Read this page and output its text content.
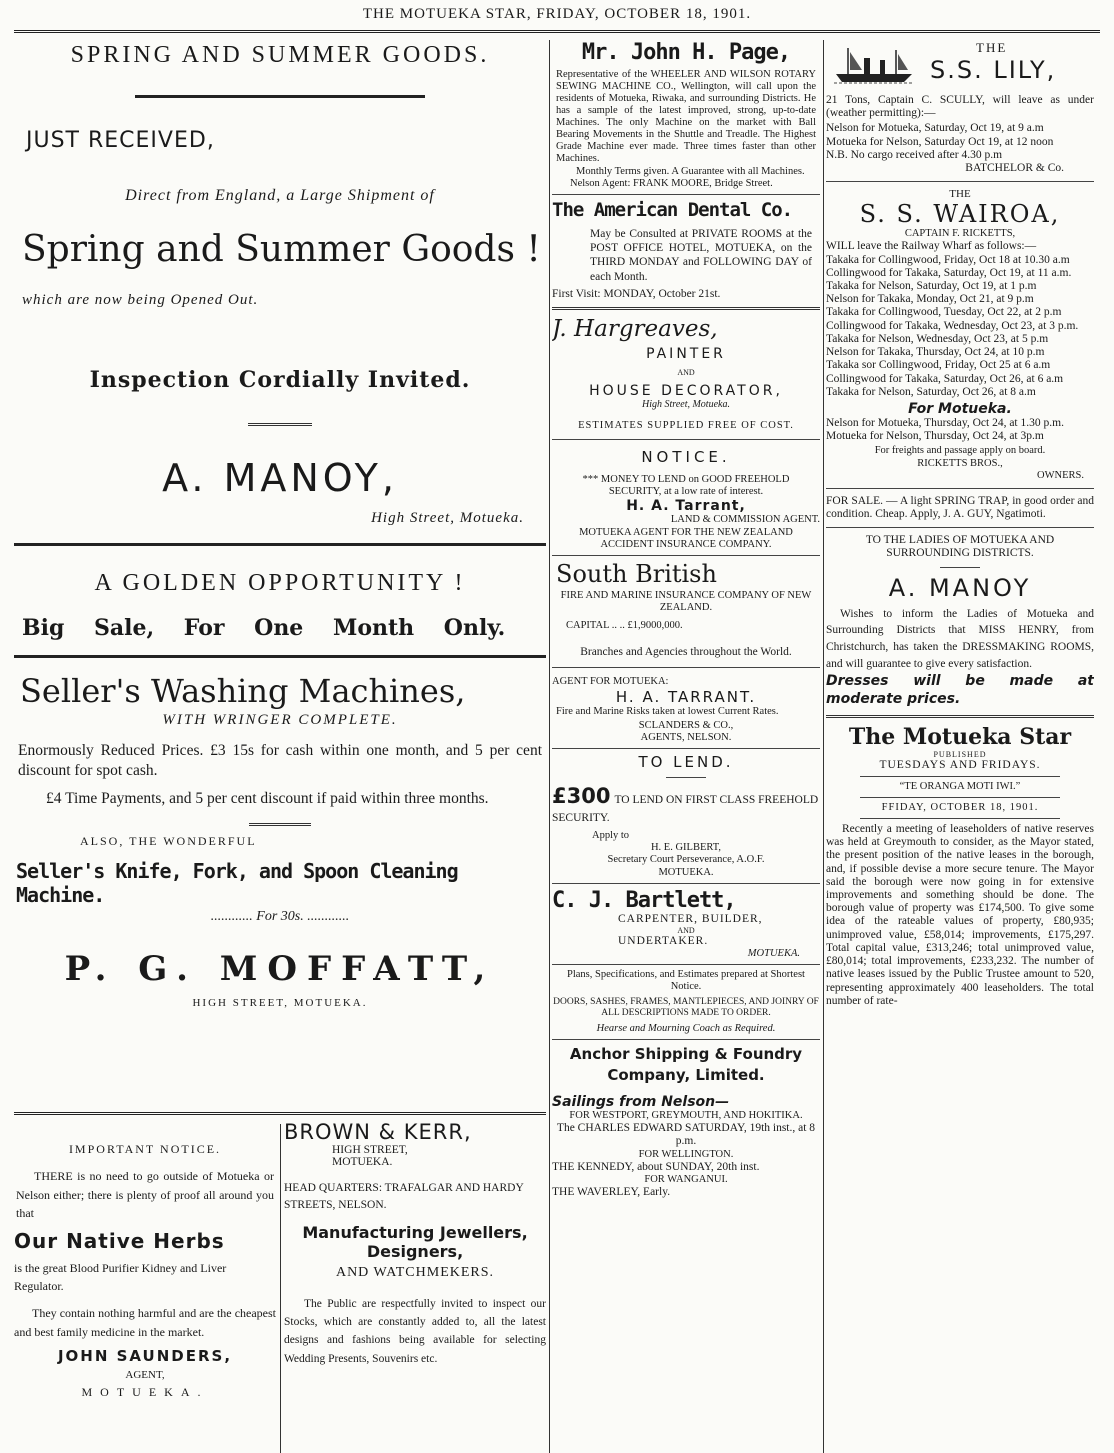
THE MOTUEKA STAR, FRIDAY, OCTOBER 18, 1901.
SPRING AND SUMMER GOODS.
JUST RECEIVED,
Direct from England, a Large Shipment of
Spring and Summer Goods !
which are now being Opened Out.
Inspection Cordially Invited.
A. MANOY,
High Street, Motueka.
A GOLDEN OPPORTUNITY !
Big Sale, For One Month Only.
Seller's Washing Machines,
WITH WRINGER COMPLETE.
Enormously Reduced Prices. £3 15s for cash within one month, and 5 per cent discount for spot cash.
£4 Time Payments, and 5 per cent discount if paid within three months.
ALSO, THE WONDERFUL
Seller's Knife, Fork, and Spoon Cleaning Machine.
............ For 30s. ............
P. G. MOFFATT,
HIGH STREET, MOTUEKA.
IMPORTANT NOTICE.
THERE is no need to go outside of Motueka or Nelson either; there is plenty of proof all around you that
Our Native Herbs
is the great Blood Purifier Kidney and Liver Regulator.
They contain nothing harmful and are the cheapest and best family medicine in the market.
JOHN SAUNDERS,
AGENT,
MOTUEKA.
BROWN & KERR,
HIGH STREET, MOTUEKA.
HEAD QUARTERS: TRAFALGAR AND HARDY STREETS, NELSON.
Manufacturing Jewellers, Designers,
AND WATCHMEKERS.
The Public are respectfully invited to inspect our Stocks, which are constantly added to, all the latest designs and fashions being available for selecting Wedding Presents, Souvenirs etc.
Mr. John H. Page,
Representative of the WHEELER AND WILSON ROTARY SEWING MACHINE CO., Wellington, will call upon the residents of Motueka, Riwaka, and surrounding Districts. He has a sample of the latest improved, strong, up-to-date Machines. The only Machine on the market with Ball Bearing Movements in the Shuttle and Treadle. The Highest Grade Machine ever made. Three times faster than other Machines.
Monthly Terms given. A Guarantee with all Machines.
Nelson Agent: FRANK MOORE, Bridge Street.
The American Dental Co.
May be Consulted at PRIVATE ROOMS at the POST OFFICE HOTEL, MOTUEKA, on the THIRD MONDAY and FOLLOWING DAY of each Month.
First Visit: MONDAY, October 21st.
J. Hargreaves,
PAINTER
AND
HOUSE DECORATOR,
High Street, Motueka.
ESTIMATES SUPPLIED FREE OF COST.
NOTICE.
*** MONEY TO LEND on GOOD FREEHOLD SECURITY, at a low rate of interest.
H. A. Tarrant,
LAND & COMMISSION AGENT.
MOTUEKA AGENT FOR THE NEW ZEALAND ACCIDENT INSURANCE COMPANY.
South British
FIRE AND MARINE INSURANCE COMPANY OF NEW ZEALAND.
CAPITAL .. .. £1,9000,000.
Branches and Agencies throughout the World.
AGENT FOR MOTUEKA:
H. A. TARRANT.
Fire and Marine Risks taken at lowest Current Rates.
SCLANDERS & CO.,
AGENTS, NELSON.
TO LEND.
£300 TO LEND ON FIRST CLASS FREEHOLD SECURITY.
Apply to
H. E. GILBERT,
Secretary Court Perseverance, A.O.F.
MOTUEKA.
C. J. Bartlett,
CARPENTER, BUILDER,
AND
UNDERTAKER.
MOTUEKA.
Plans, Specifications, and Estimates prepared at Shortest Notice.
DOORS, SASHES, FRAMES, MANTLEPIECES, AND JOINRY OF ALL DESCRIPTIONS MADE TO ORDER.
Hearse and Mourning Coach as Required.
Anchor Shipping & Foundry Company, Limited.
Sailings from Nelson—
FOR WESTPORT, GREYMOUTH, AND HOKITIKA.
The CHARLES EDWARD SATURDAY, 19th inst., at 8 p.m.
FOR WELLINGTON.
THE KENNEDY, about SUNDAY, 20th inst.
FOR WANGANUI.
THE WAVERLEY, Early.
THE
S.S. LILY,
21 Tons, Captain C. SCULLY, will leave as under (weather permitting):—
Nelson for Motueka, Saturday, Oct 19, at 9 a.m
Motueka for Nelson, Saturday Oct 19, at 12 noon
N.B. No cargo received after 4.30 p.m
BATCHELOR & Co.
THE
S. S. WAIROA,
CAPTAIN F. RICKETTS,
WILL leave the Railway Wharf as follows:—
Takaka for Collingwood, Friday, Oct 18 at 10.30 a.m
Collingwood for Takaka, Saturday, Oct 19, at 11 a.m.
Takaka for Nelson, Saturday, Oct 19, at 1 p.m
Nelson for Takaka, Monday, Oct 21, at 9 p.m
Takaka for Collingwood, Tuesday, Oct 22, at 2 p.m
Collingwood for Takaka, Wednesday, Oct 23, at 3 p.m.
Takaka for Nelson, Wednesday, Oct 23, at 5 p.m
Nelson for Takaka, Thursday, Oct 24, at 10 p.m
Takaka sor Collingwood, Friday, Oct 25 at 6 a.m
Collingwood for Takaka, Saturday, Oct 26, at 6 a.m
Takaka for Nelson, Saturday, Oct 26, at 8 a.m
For Motueka.
Nelson for Motueka, Thursday, Oct 24, at 1.30 p.m.
Motueka for Nelson, Thursday, Oct 24, at 3p.m
For freights and passage apply on board.
RICKETTS BROS.,
OWNERS.
FOR SALE. — A light SPRING TRAP, in good order and condition. Cheap. Apply, J. A. GUY, Ngatimoti.
TO THE LADIES OF MOTUEKA AND SURROUNDING DISTRICTS.
A. MANOY
Wishes to inform the Ladies of Motueka and Surrounding Districts that MISS HENRY, from Christchurch, has taken the DRESSMAKING ROOMS, and will guarantee to give every satisfaction.
Dresses will be made at moderate prices.
The Motueka Star
PUBLISHED
TUESDAYS AND FRIDAYS.
“TE ORANGA MOTI IWI.”
FFIDAY, OCTOBER 18, 1901.
Recently a meeting of leaseholders of native reserves was held at Greymouth to consider, as the Mayor stated, the present position of the native leases in the borough, and, if possible devise a more secure tenure. The Mayor said the borough were now going in for extensive improvements and something should be done. The borough value of property was £174,500. To give some idea of the rateable values of property, £80,935; unimproved value, £58,014; improvements, £175,297. Total capital value, £313,246; total unimproved value, £80,014; total improvements, £233,232. The number of native leases issued by the Public Trustee amount to 520, representing approximately 400 leaseholders. The total number of rate-
